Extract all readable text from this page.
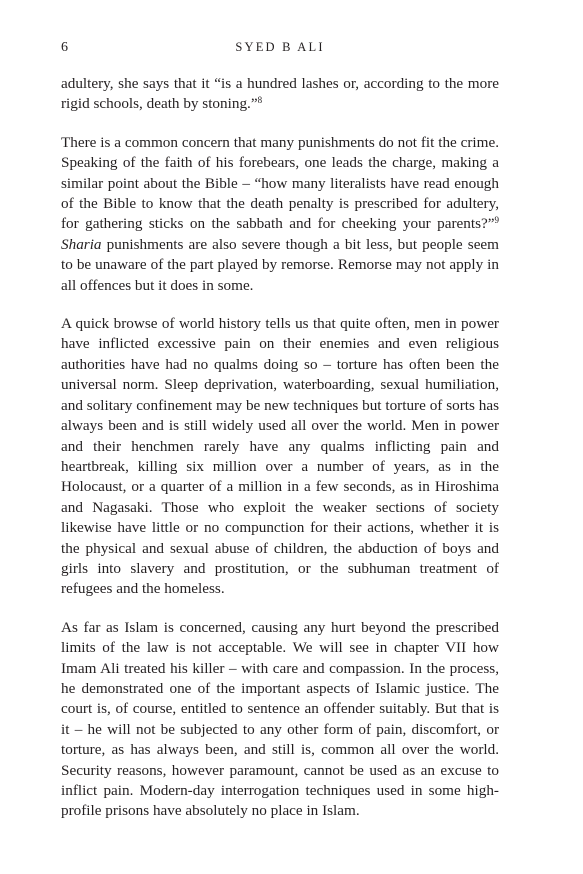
6	SYED B ALI

adultery, she says that it “is a hundred lashes or, according to the more rigid schools, death by stoning.”$^8$

There is a common concern that many punishments do not fit the crime. Speaking of the faith of his forebears, one leads the charge, making a similar point about the Bible – “how many literalists have read enough of the Bible to know that the death penalty is prescribed for adultery, for gathering sticks on the sabbath and for cheeking your parents?”$^9$ Sharia punishments are also severe though a bit less, but people seem to be unaware of the part played by remorse. Remorse may not apply in all offences but it does in some.

A quick browse of world history tells us that quite often, men in power have inflicted excessive pain on their enemies and even religious authorities have had no qualms doing so – torture has often been the universal norm. Sleep deprivation, waterboarding, sexual humiliation, and solitary confinement may be new techniques but torture of sorts has always been and is still widely used all over the world. Men in power and their henchmen rarely have any qualms inflicting pain and heartbreak, killing six million over a number of years, as in the Holocaust, or a quarter of a million in a few seconds, as in Hiroshima and Nagasaki. Those who exploit the weaker sections of society likewise have little or no compunction for their actions, whether it is the physical and sexual abuse of children, the abduction of boys and girls into slavery and prostitution, or the subhuman treatment of refugees and the homeless.

As far as Islam is concerned, causing any hurt beyond the prescribed limits of the law is not acceptable. We will see in chapter VII how Imam Ali treated his killer – with care and compassion. In the process, he demonstrated one of the important aspects of Islamic justice. The court is, of course, entitled to sentence an offender suitably. But that is it – he will not be subjected to any other form of pain, discomfort, or torture, as has always been, and still is, common all over the world. Security reasons, however paramount, cannot be used as an excuse to inflict pain. Modern-day interrogation techniques used in some high-profile prisons have absolutely no place in Islam.
